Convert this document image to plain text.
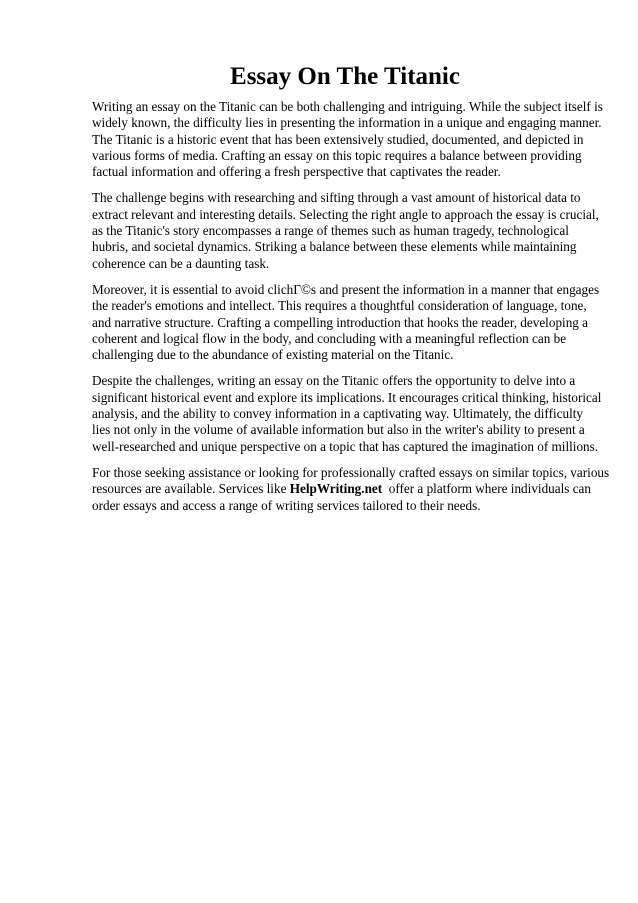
Essay On The Titanic

Writing an essay on the Titanic can be both challenging and intriguing. While the subject itself is
widely known, the difficulty lies in presenting the information in a unique and engaging manner.
The Titanic is a historic event that has been extensively studied, documented, and depicted in
various forms of media. Crafting an essay on this topic requires a balance between providing
factual information and offering a fresh perspective that captivates the reader.

The challenge begins with researching and sifting through a vast amount of historical data to
extract relevant and interesting details. Selecting the right angle to approach the essay is crucial,
as the Titanic's story encompasses a range of themes such as human tragedy, technological
hubris, and societal dynamics. Striking a balance between these elements while maintaining
coherence can be a daunting task.

Moreover, it is essential to avoid clichГ©s and present the information in a manner that engages
the reader's emotions and intellect. This requires a thoughtful consideration of language, tone,
and narrative structure. Crafting a compelling introduction that hooks the reader, developing a
coherent and logical flow in the body, and concluding with a meaningful reflection can be
challenging due to the abundance of existing material on the Titanic.

Despite the challenges, writing an essay on the Titanic offers the opportunity to delve into a
significant historical event and explore its implications. It encourages critical thinking, historical
analysis, and the ability to convey information in a captivating way. Ultimately, the difficulty
lies not only in the volume of available information but also in the writer's ability to present a
well-researched and unique perspective on a topic that has captured the imagination of millions.

For those seeking assistance or looking for professionally crafted essays on similar topics, various
resources are available. Services like HelpWriting.net  offer a platform where individuals can
order essays and access a range of writing services tailored to their needs.
